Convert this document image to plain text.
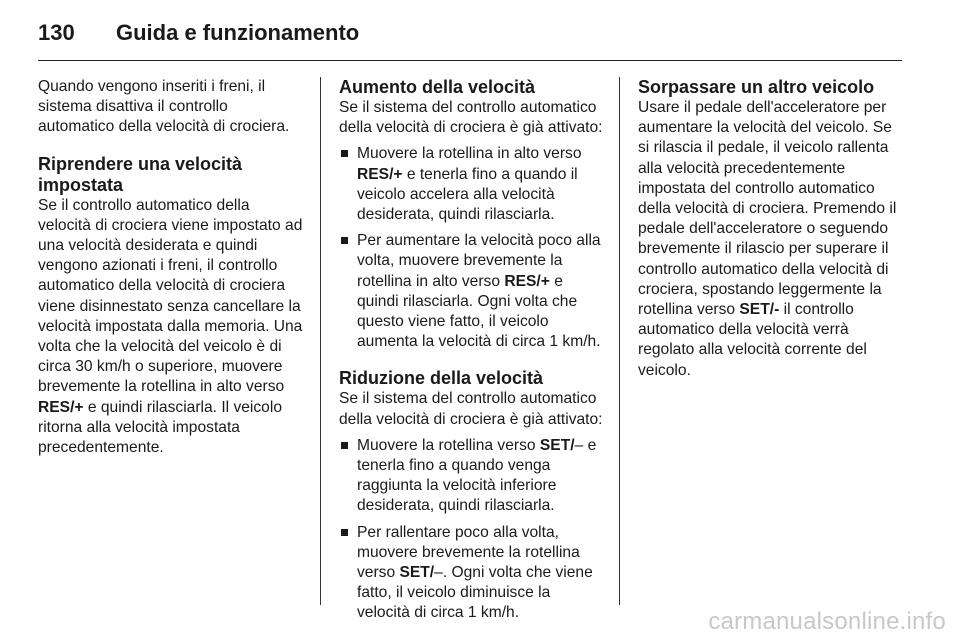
130	Guida e funzionamento

Quando vengono inseriti i freni, il sistema disattiva il controllo automatico della velocità di crociera.

Riprendere una velocità impostata

Se il controllo automatico della velocità di crociera viene impostato ad una velocità desiderata e quindi vengono azionati i freni, il controllo automatico della velocità di crociera viene disinnestato senza cancellare la velocità impostata dalla memoria. Una volta che la velocità del veicolo è di circa 30 km/h o superiore, muovere brevemente la rotellina in alto verso RES/+ e quindi rilasciarla. Il veicolo ritorna alla velocità impostata precedentemente.

Aumento della velocità

Se il sistema del controllo automatico della velocità di crociera è già attivato:

Muovere la rotellina in alto verso RES/+ e tenerla fino a quando il veicolo accelera alla velocità desiderata, quindi rilasciarla.
Per aumentare la velocità poco alla volta, muovere brevemente la rotellina in alto verso RES/+ e quindi rilasciarla. Ogni volta che questo viene fatto, il veicolo aumenta la velocità di circa 1 km/h.
Riduzione della velocità

Se il sistema del controllo automatico della velocità di crociera è già attivato:

Muovere la rotellina verso SET/– e tenerla fino a quando venga raggiunta la velocità inferiore desiderata, quindi rilasciarla.
Per rallentare poco alla volta, muovere brevemente la rotellina verso SET/–. Ogni volta che viene fatto, il veicolo diminuisce la velocità di circa 1 km/h.
Sorpassare un altro veicolo

Usare il pedale dell'acceleratore per aumentare la velocità del veicolo. Se si rilascia il pedale, il veicolo rallenta alla velocità precedentemente impostata del controllo automatico della velocità di crociera. Premendo il pedale dell'acceleratore o seguendo brevemente il rilascio per superare il controllo automatico della velocità di crociera, spostando leggermente la rotellina verso SET/- il controllo automatico della velocità verrà regolato alla velocità corrente del veicolo.

carmanualsonline.info
